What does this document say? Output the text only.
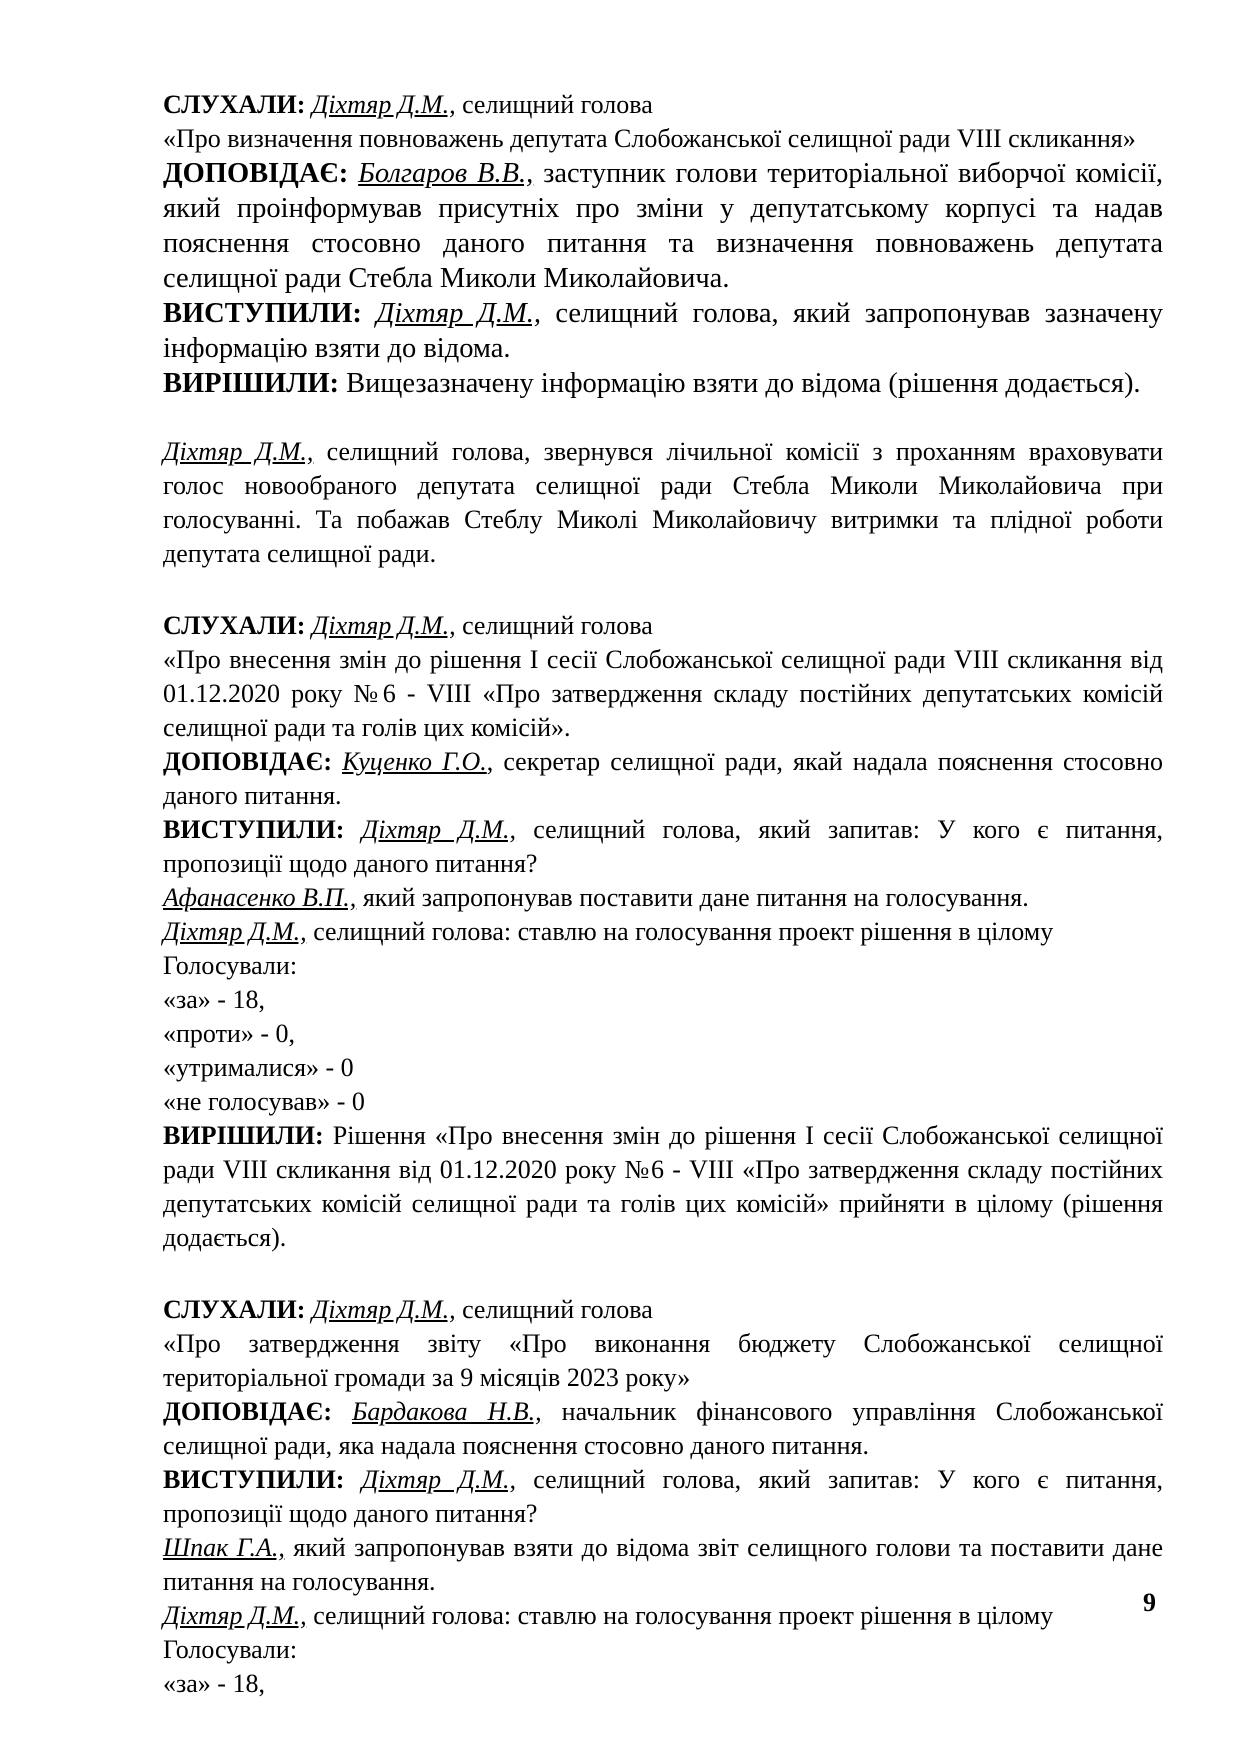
СЛУХАЛИ: Діхтяр Д.М., селищний голова

«Про визначення повноважень депутата Слобожанської селищної ради VIII скликання»

ДОПОВІДАЄ: Болгаров В.В., заступник голови територіальної виборчої комісії, який проінформував присутніх про зміни у депутатському корпусі та надав пояснення стосовно даного питання та визначення повноважень депутата селищної ради Стебла Миколи Миколайовича.

ВИСТУПИЛИ: Діхтяр Д.М., селищний голова, який запропонував зазначену інформацію взяти до відома.

ВИРІШИЛИ: Вищезазначену інформацію взяти до відома (рішення додається).

Діхтяр Д.М., селищний голова, звернувся лічильної комісії з проханням враховувати голос новообраного депутата селищної ради Стебла Миколи Миколайовича при голосуванні. Та побажав Стеблу Миколі Миколайовичу витримки та плідної роботи депутата селищної ради.

СЛУХАЛИ: Діхтяр Д.М., селищний голова

«Про внесення змін до рішення І сесії Слобожанської селищної ради VIII скликання від 01.12.2020 року №6 - VIII «Про затвердження складу постійних депутатських комісій селищної ради та голів цих комісій».

ДОПОВІДАЄ: Куценко Г.О., секретар селищної ради, якай надала пояснення стосовно даного питання.

ВИСТУПИЛИ: Діхтяр Д.М., селищний голова, який запитав: У кого є питання, пропозиції щодо даного питання?

Афанасенко В.П., який запропонував поставити дане питання на голосування.

Діхтяр Д.М., селищний голова: ставлю на голосування проект рішення в цілому

Голосували:

«за» - 18,

«проти» - 0,

«утрималися» - 0

«не голосував» - 0

ВИРІШИЛИ: Рішення «Про внесення змін до рішення І сесії Слобожанської селищної ради VIII скликання від 01.12.2020 року №6 - VIII «Про затвердження складу постійних депутатських комісій селищної ради та голів цих комісій» прийняти в цілому (рішення додається).

СЛУХАЛИ: Діхтяр Д.М., селищний голова

«Про затвердження звіту «Про виконання бюджету Слобожанської селищної територіальної громади за 9 місяців 2023 року»

ДОПОВІДАЄ: Бардакова Н.В., начальник фінансового управління Слобожанської селищної ради, яка надала пояснення стосовно даного питання.

ВИСТУПИЛИ: Діхтяр Д.М., селищний голова, який запитав: У кого є питання, пропозиції щодо даного питання?

Шпак Г.А., який запропонував взяти до відома звіт селищного голови та поставити дане питання на голосування.

Діхтяр Д.М., селищний голова: ставлю на голосування проект рішення в цілому

Голосували:

«за» - 18,

9
